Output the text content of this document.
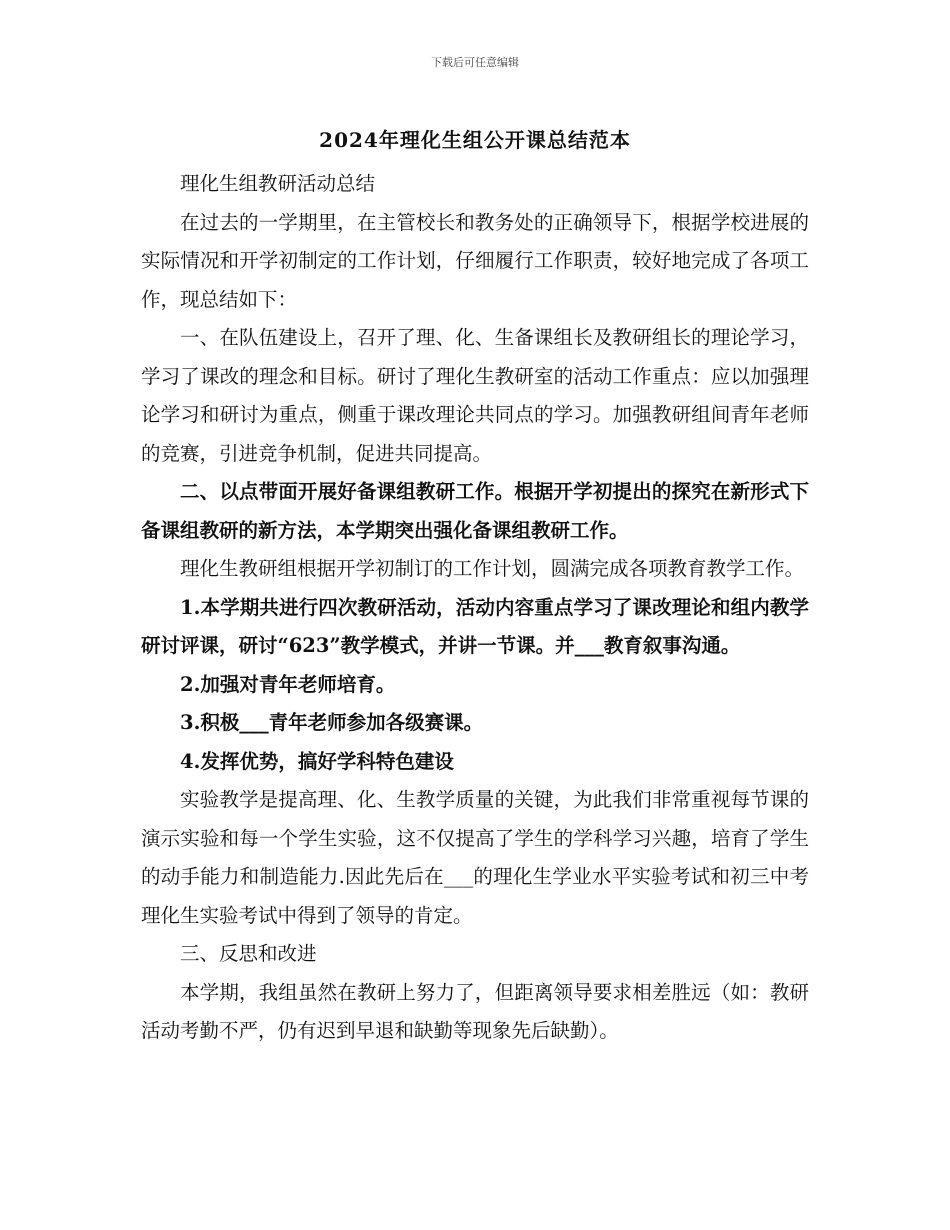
下载后可任意编辑
2024年理化生组公开课总结范本

理化生组教研活动总结

在过去的一学期里，在主管校长和教务处的正确领导下，根据学校进展的实际情况和开学初制定的工作计划，仔细履行工作职责，较好地完成了各项工作，现总结如下：

一、在队伍建设上，召开了理、化、生备课组长及教研组长的理论学习，学习了课改的理念和目标。研讨了理化生教研室的活动工作重点：应以加强理论学习和研讨为重点，侧重于课改理论共同点的学习。加强教研组间青年老师的竞赛，引进竞争机制，促进共同提高。

二、以点带面开展好备课组教研工作。根据开学初提出的探究在新形式下备课组教研的新方法，本学期突出强化备课组教研工作。

理化生教研组根据开学初制订的工作计划，圆满完成各项教育教学工作。

1.本学期共进行四次教研活动，活动内容重点学习了课改理论和组内教学研讨评课，研讨“623”教学模式，并讲一节课。并___教育叙事沟通。

2.加强对青年老师培育。

3.积极___青年老师参加各级赛课。

4.发挥优势，搞好学科特色建设

实验教学是提高理、化、生教学质量的关键，为此我们非常重视每节课的演示实验和每一个学生实验，这不仅提高了学生的学科学习兴趣，培育了学生的动手能力和制造能力.因此先后在___的理化生学业水平实验考试和初三中考理化生实验考试中得到了领导的肯定。

三、反思和改进

本学期，我组虽然在教研上努力了，但距离领导要求相差胜远（如：教研活动考勤不严，仍有迟到早退和缺勤等现象先后缺勤）。
